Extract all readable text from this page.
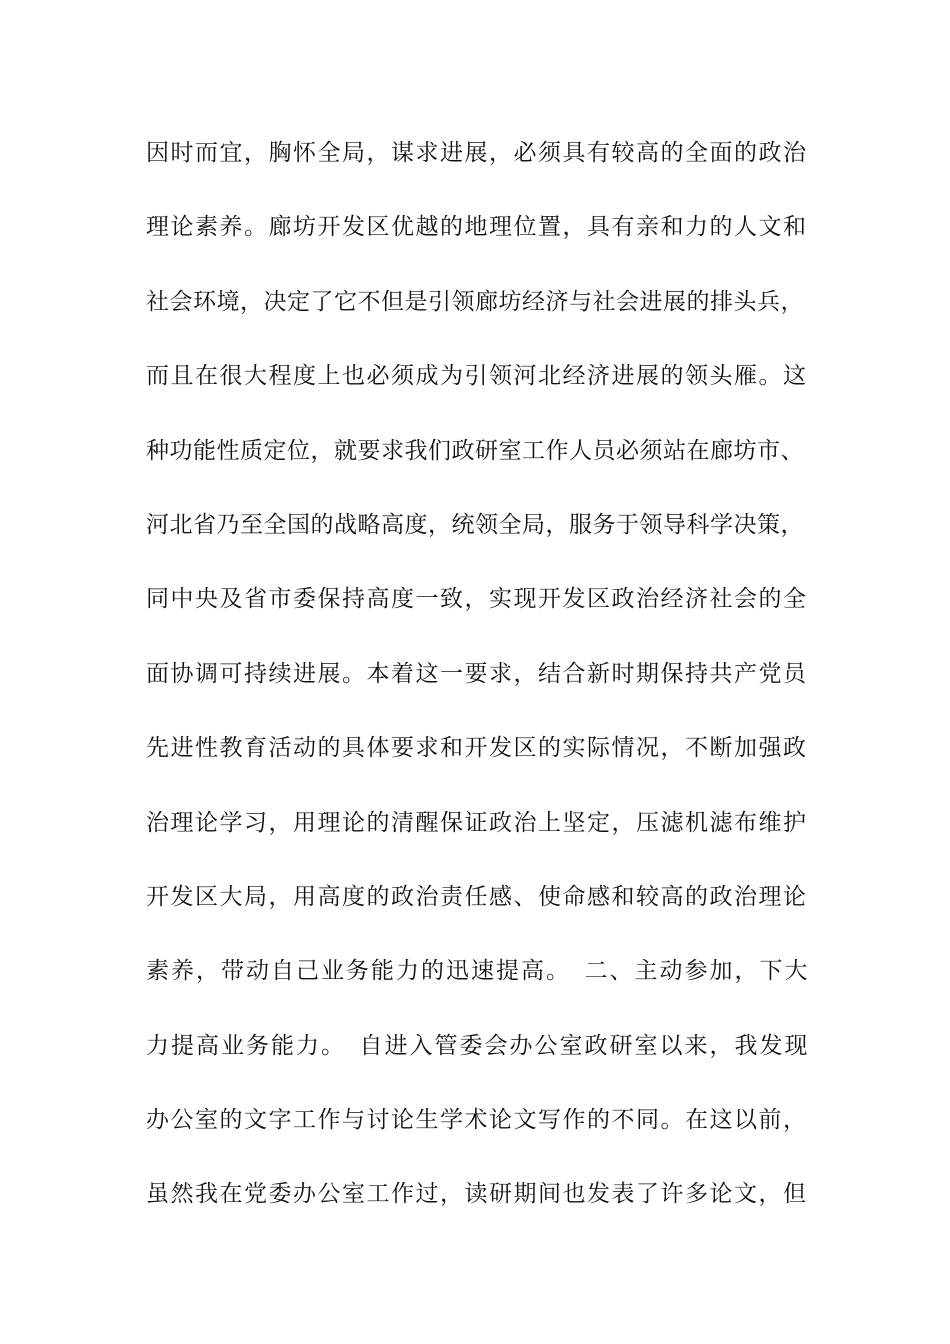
因时而宜，胸怀全局，谋求进展，必须具有较高的全面的政治
理论素养。廊坊开发区优越的地理位置，具有亲和力的人文和
社会环境，决定了它不但是引领廊坊经济与社会进展的排头兵，
而且在很大程度上也必须成为引领河北经济进展的领头雁。这
种功能性质定位，就要求我们政研室工作人员必须站在廊坊市、
河北省乃至全国的战略高度，统领全局，服务于领导科学决策，
同中央及省市委保持高度一致，实现开发区政治经济社会的全
面协调可持续进展。本着这一要求，结合新时期保持共产党员
先进性教育活动的具体要求和开发区的实际情况，不断加强政
治理论学习，用理论的清醒保证政治上坚定，压滤机滤布维护
开发区大局，用高度的政治责任感、使命感和较高的政治理论
素养，带动自己业务能力的迅速提高。　二、主动参加，下大
力提高业务能力。　自进入管委会办公室政研室以来，我发现
办公室的文字工作与讨论生学术论文写作的不同。在这以前，
虽然我在党委办公室工作过，读研期间也发表了许多论文，但
